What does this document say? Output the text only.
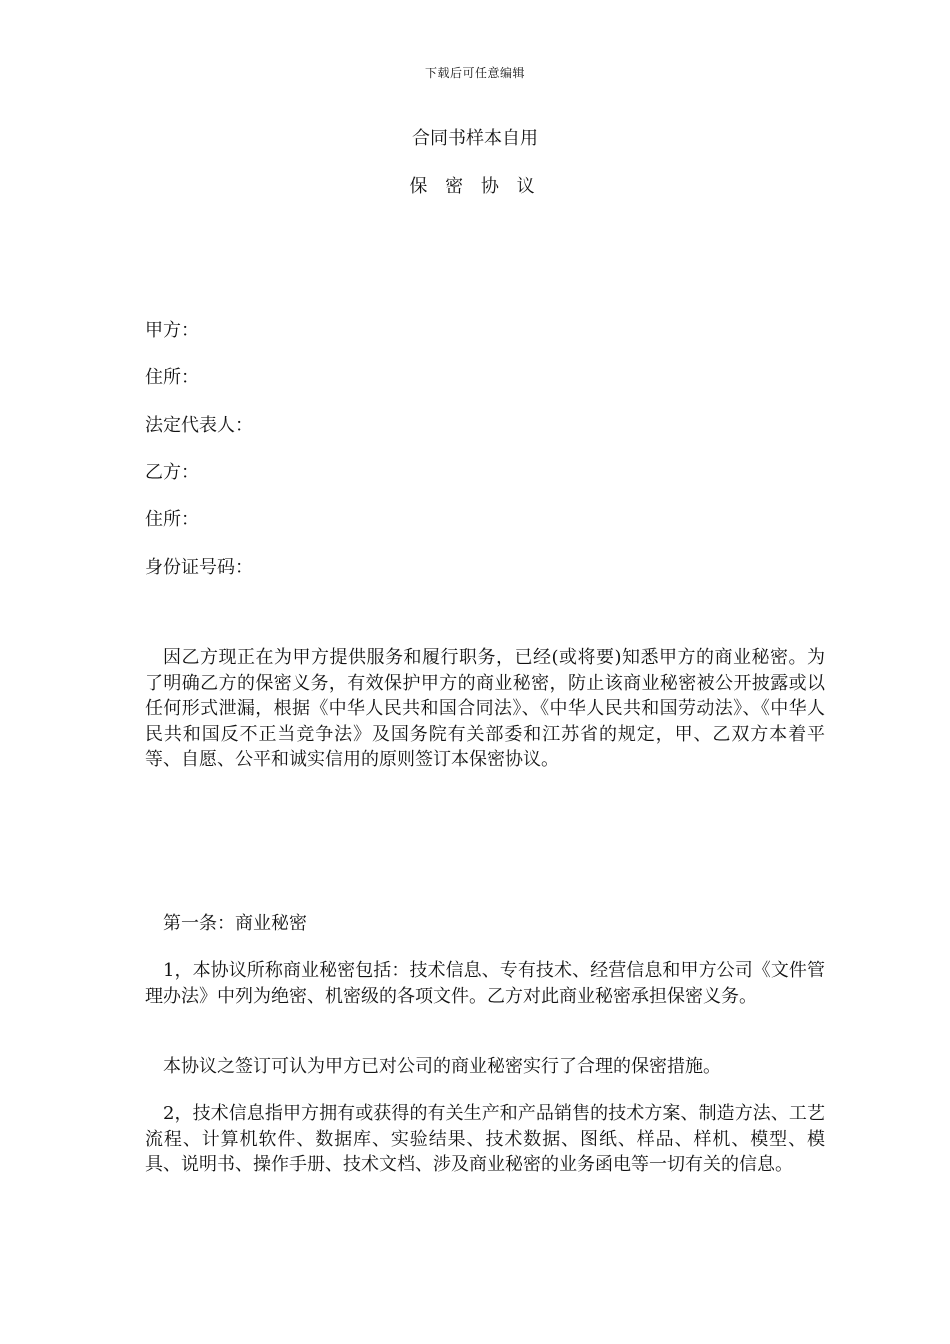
下载后可任意编辑
合同书样本自用
保 密 协 议
甲方：
住所：
法定代表人：
乙方：
住所：
身份证号码：
因乙方现正在为甲方提供服务和履行职务，已经(或将要)知悉甲方的商业秘密。为了明确乙方的保密义务，有效保护甲方的商业秘密，防止该商业秘密被公开披露或以任何形式泄漏，根据《中华人民共和国合同法》、《中华人民共和国劳动法》、《中华人民共和国反不正当竞争法》及国务院有关部委和江苏省的规定，甲、乙双方本着平等、自愿、公平和诚实信用的原则签订本保密协议。
第一条：商业秘密
1，本协议所称商业秘密包括：技术信息、专有技术、经营信息和甲方公司《文件管理办法》中列为绝密、机密级的各项文件。乙方对此商业秘密承担保密义务。
本协议之签订可认为甲方已对公司的商业秘密实行了合理的保密措施。
2，技术信息指甲方拥有或获得的有关生产和产品销售的技术方案、制造方法、工艺流程、计算机软件、数据库、实验结果、技术数据、图纸、样品、样机、模型、模具、说明书、操作手册、技术文档、涉及商业秘密的业务函电等一切有关的信息。
